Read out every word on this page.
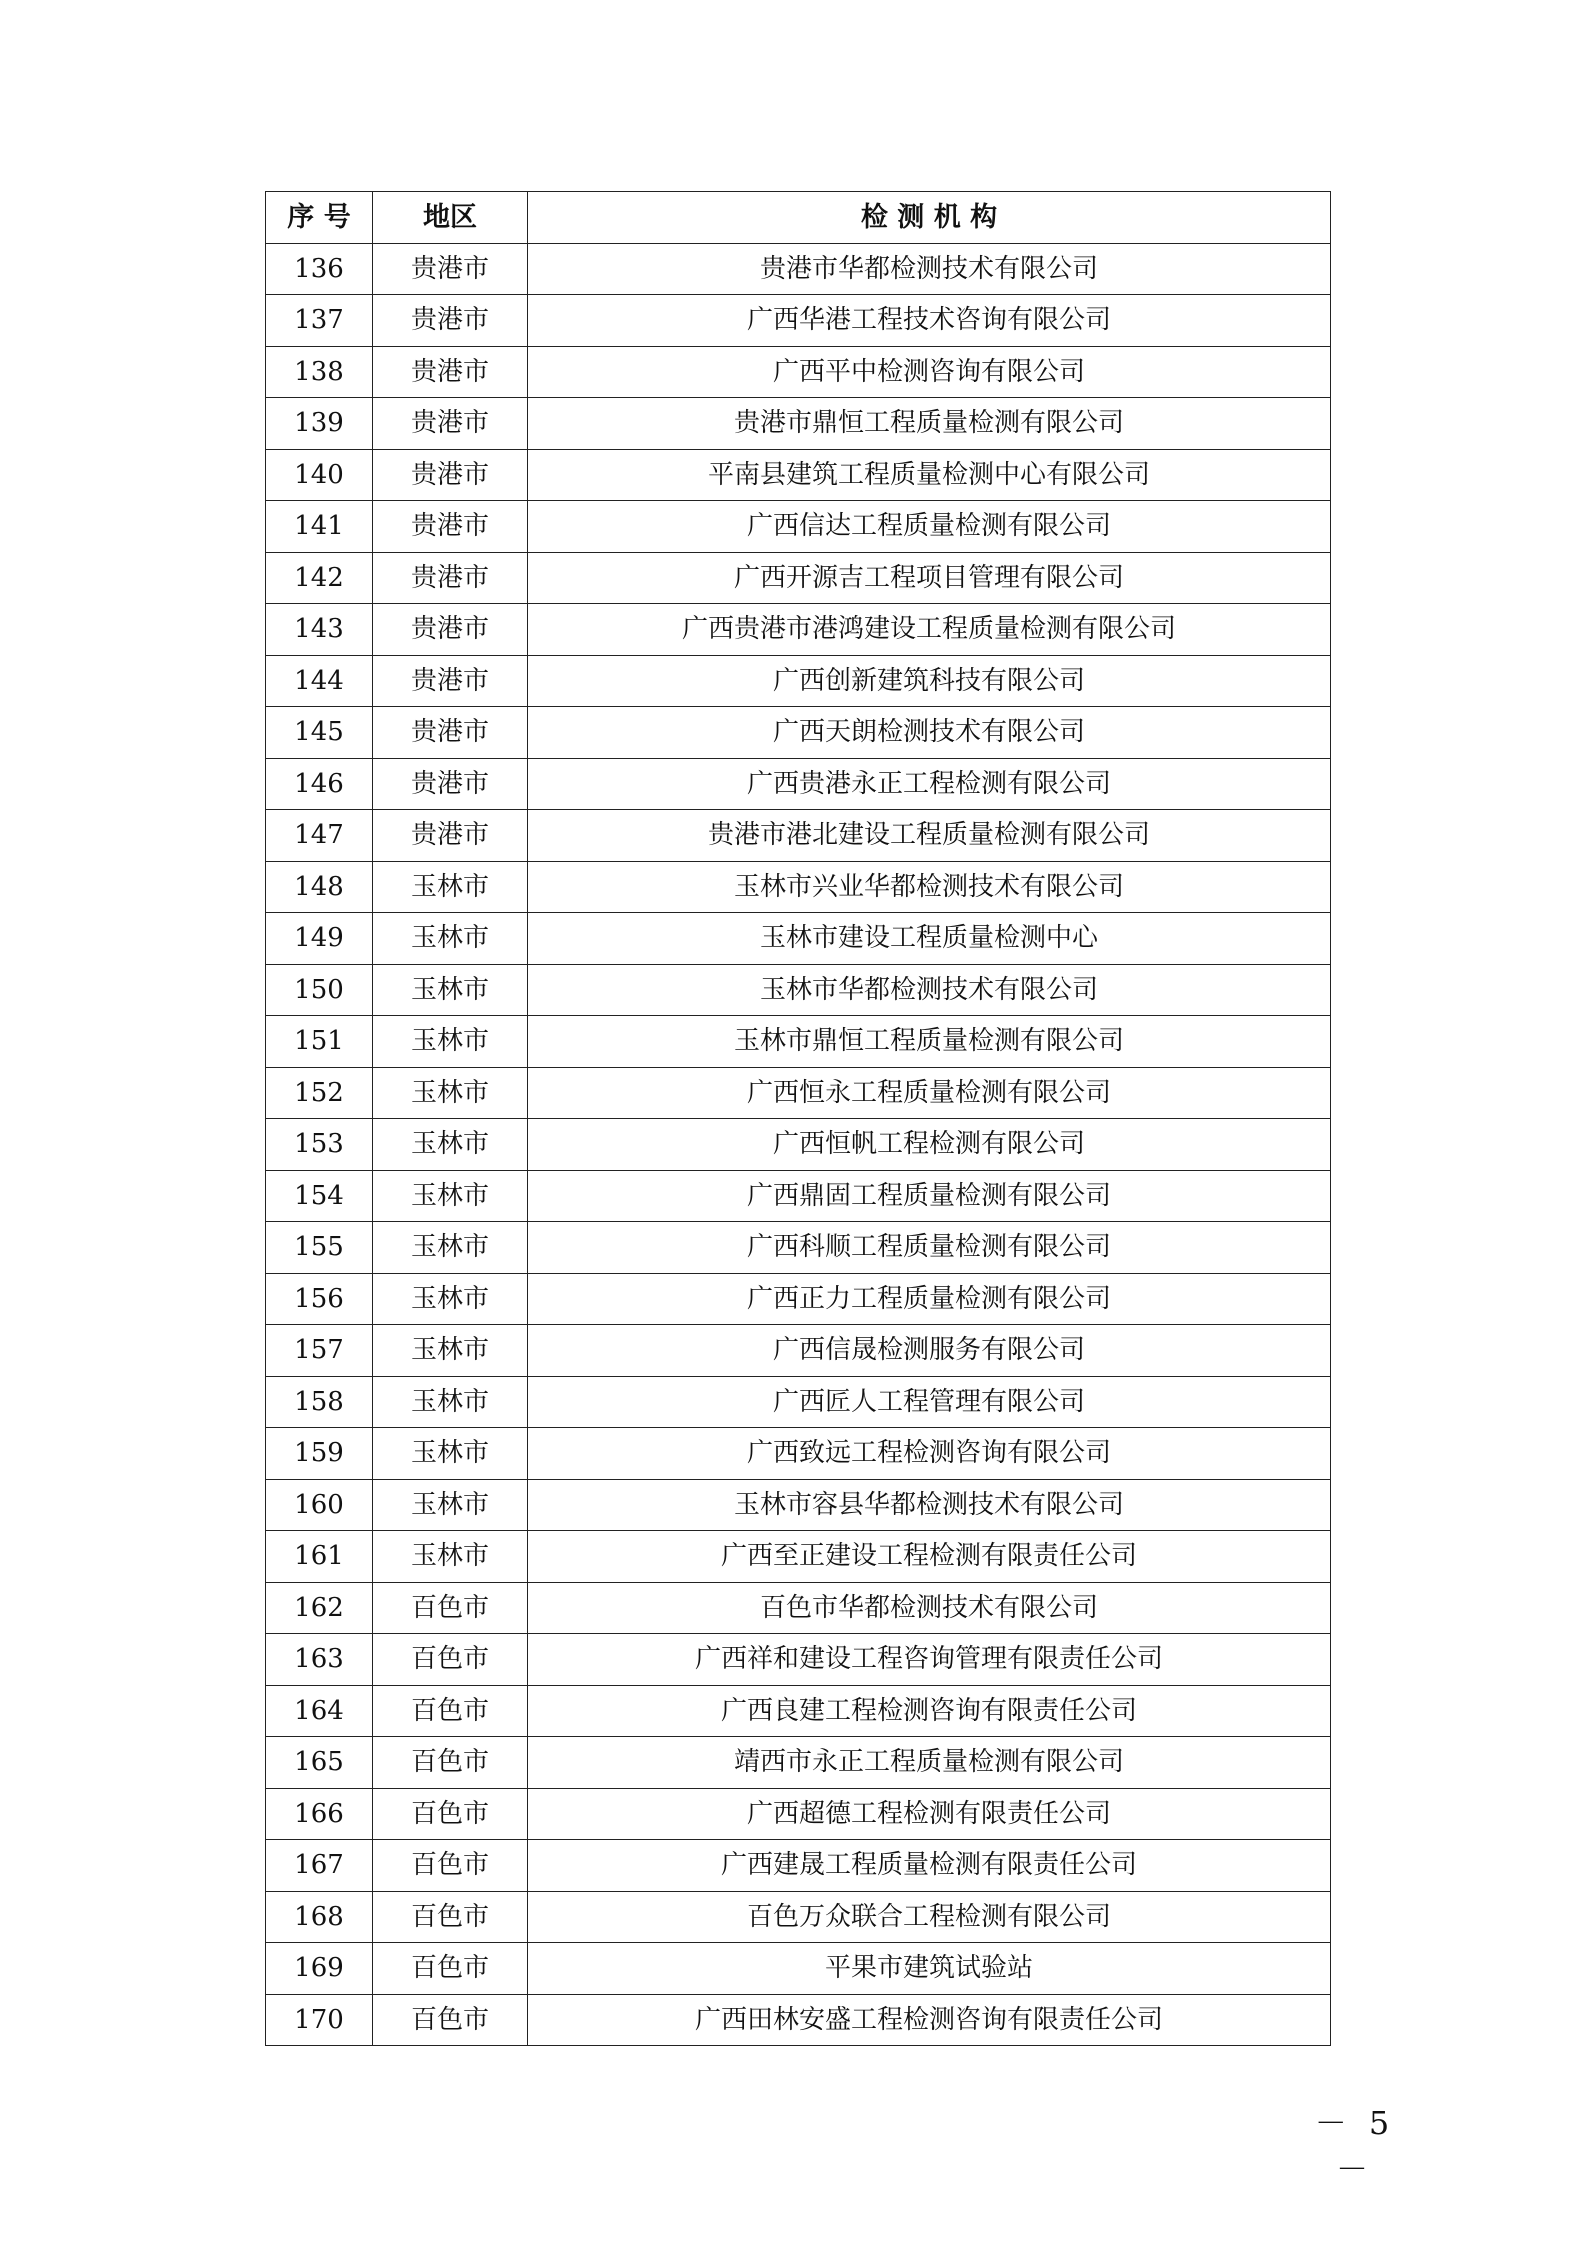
序 号	地区	检 测 机 构
136	贵港市	贵港市华都检测技术有限公司
137	贵港市	广西华港工程技术咨询有限公司
138	贵港市	广西平中检测咨询有限公司
139	贵港市	贵港市鼎恒工程质量检测有限公司
140	贵港市	平南县建筑工程质量检测中心有限公司
141	贵港市	广西信达工程质量检测有限公司
142	贵港市	广西开源吉工程项目管理有限公司
143	贵港市	广西贵港市港鸿建设工程质量检测有限公司
144	贵港市	广西创新建筑科技有限公司
145	贵港市	广西天朗检测技术有限公司
146	贵港市	广西贵港永正工程检测有限公司
147	贵港市	贵港市港北建设工程质量检测有限公司
148	玉林市	玉林市兴业华都检测技术有限公司
149	玉林市	玉林市建设工程质量检测中心
150	玉林市	玉林市华都检测技术有限公司
151	玉林市	玉林市鼎恒工程质量检测有限公司
152	玉林市	广西恒永工程质量检测有限公司
153	玉林市	广西恒帆工程检测有限公司
154	玉林市	广西鼎固工程质量检测有限公司
155	玉林市	广西科顺工程质量检测有限公司
156	玉林市	广西正力工程质量检测有限公司
157	玉林市	广西信晟检测服务有限公司
158	玉林市	广西匠人工程管理有限公司
159	玉林市	广西致远工程检测咨询有限公司
160	玉林市	玉林市容县华都检测技术有限公司
161	玉林市	广西至正建设工程检测有限责任公司
162	百色市	百色市华都检测技术有限公司
163	百色市	广西祥和建设工程咨询管理有限责任公司
164	百色市	广西良建工程检测咨询有限责任公司
165	百色市	靖西市永正工程质量检测有限公司
166	百色市	广西超德工程检测有限责任公司
167	百色市	广西建晟工程质量检测有限责任公司
168	百色市	百色万众联合工程检测有限公司
169	百色市	平果市建筑试验站
170	百色市	广西田林安盛工程检测咨询有限责任公司
－ 5 －
